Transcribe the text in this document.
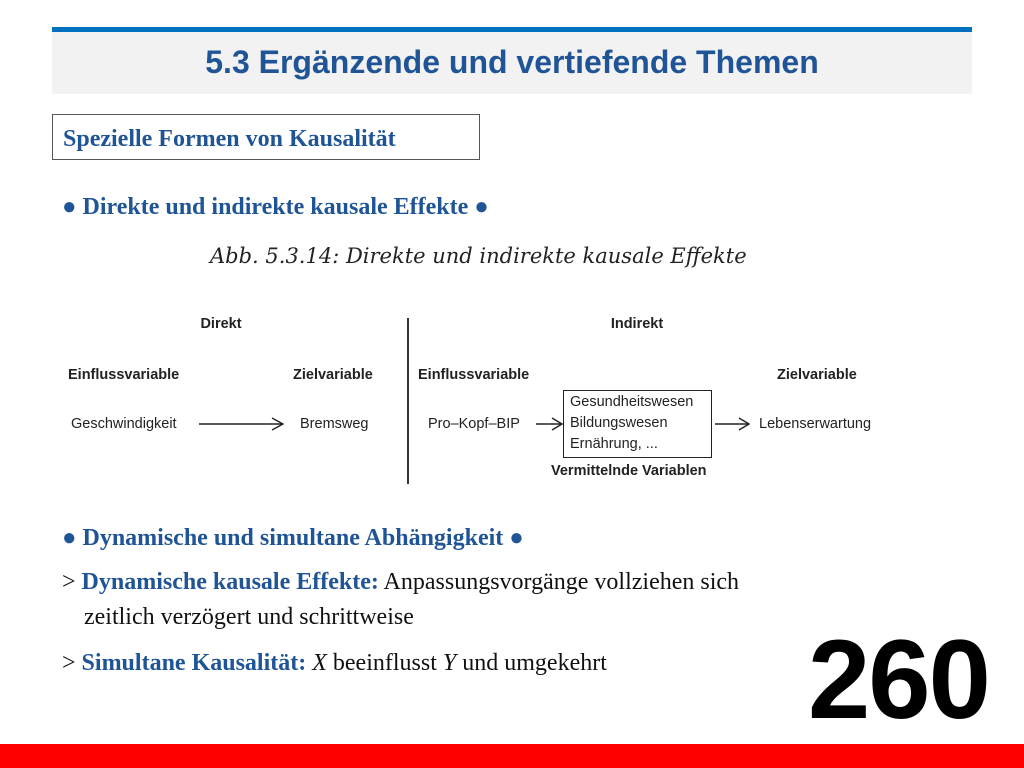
5.3 Ergänzende und vertiefende Themen
Spezielle Formen von Kausalität
● Direkte und indirekte kausale Effekte ●
Abb. 5.3.14: Direkte und indirekte kausale Effekte
Direkt	Indirekt
Einflussvariable	Zielvariable	Einflussvariable	Zielvariable
Geschwindigkeit	Bremsweg	Pro–Kopf–BIP	Lebenserwartung
Gesundheitswesen
Bildungswesen
Ernährung, ...
Vermittelnde Variablen
● Dynamische und simultane Abhängigkeit ●
> Dynamische kausale Effekte: Anpassungsvorgänge vollziehen sich
zeitlich verzögert und schrittweise
> Simultane Kausalität: X beeinflusst Y und umgekehrt 260
